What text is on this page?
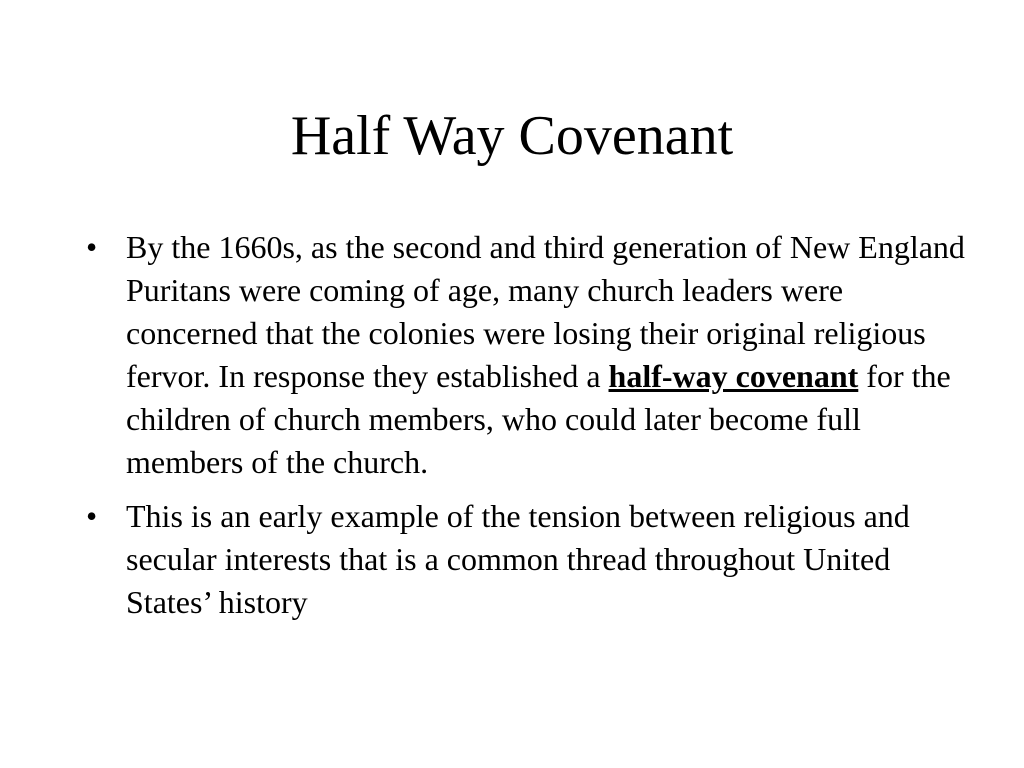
Half Way Covenant
• By the 1660s, as the second and third generation of New England Puritans were coming of age, many church leaders were concerned that the colonies were losing their original religious fervor. In response they established a half-way covenant for the children of church members, who could later become full members of the church.
• This is an early example of the tension between religious and secular interests that is a common thread throughout United States’ history
